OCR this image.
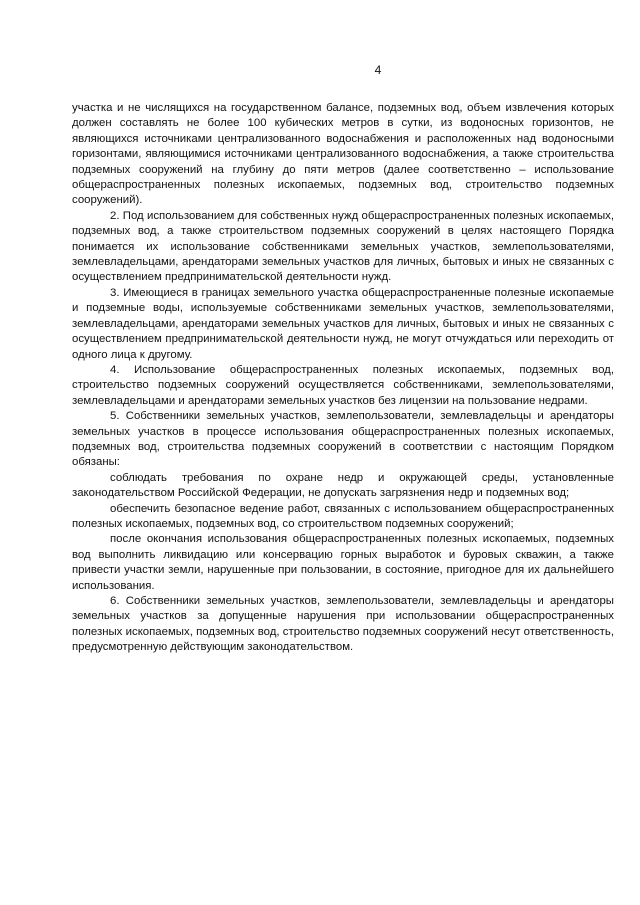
4

участка и не числящихся на государственном балансе, подземных вод, объем извлечения которых должен составлять не более 100 кубических метров в сутки, из водоносных горизонтов, не являющихся источниками централизованного водоснабжения и расположенных над водоносными горизонтами, являющимися источниками централизованного водоснабжения, а также строительства подземных сооружений на глубину до пяти метров (далее соответственно – использование общераспространенных полезных ископаемых, подземных вод, строительство подземных сооружений).

2. Под использованием для собственных нужд общераспространенных полезных ископаемых, подземных вод, а также строительством подземных сооружений в целях настоящего Порядка понимается их использование собственниками земельных участков, землепользователями, землевладельцами, арендаторами земельных участков для личных, бытовых и иных не связанных с осуществлением предпринимательской деятельности нужд.

3. Имеющиеся в границах земельного участка общераспространенные полезные ископаемые и подземные воды, используемые собственниками земельных участков, землепользователями, землевладельцами, арендаторами земельных участков для личных, бытовых и иных не связанных с осуществлением предпринимательской деятельности нужд, не могут отчуждаться или переходить от одного лица к другому.

4. Использование общераспространенных полезных ископаемых, подземных вод, строительство подземных сооружений осуществляется собственниками, землепользователями, землевладельцами и арендаторами земельных участков без лицензии на пользование недрами.

5. Собственники земельных участков, землепользователи, землевладельцы и арендаторы земельных участков в процессе использования общераспространенных полезных ископаемых, подземных вод, строительства подземных сооружений в соответствии с настоящим Порядком обязаны:

соблюдать требования по охране недр и окружающей среды, установленные законодательством Российской Федерации, не допускать загрязнения недр и подземных вод;

обеспечить безопасное ведение работ, связанных с использованием общераспространенных полезных ископаемых, подземных вод, со строительством подземных сооружений;

после окончания использования общераспространенных полезных ископаемых, подземных вод выполнить ликвидацию или консервацию горных выработок и буровых скважин, а также привести участки земли, нарушенные при пользовании, в состояние, пригодное для их дальнейшего использования.

6. Собственники земельных участков, землепользователи, землевладельцы и арендаторы земельных участков за допущенные нарушения при использовании общераспространенных полезных ископаемых, подземных вод, строительство подземных сооружений несут ответственность, предусмотренную действующим законодательством.
